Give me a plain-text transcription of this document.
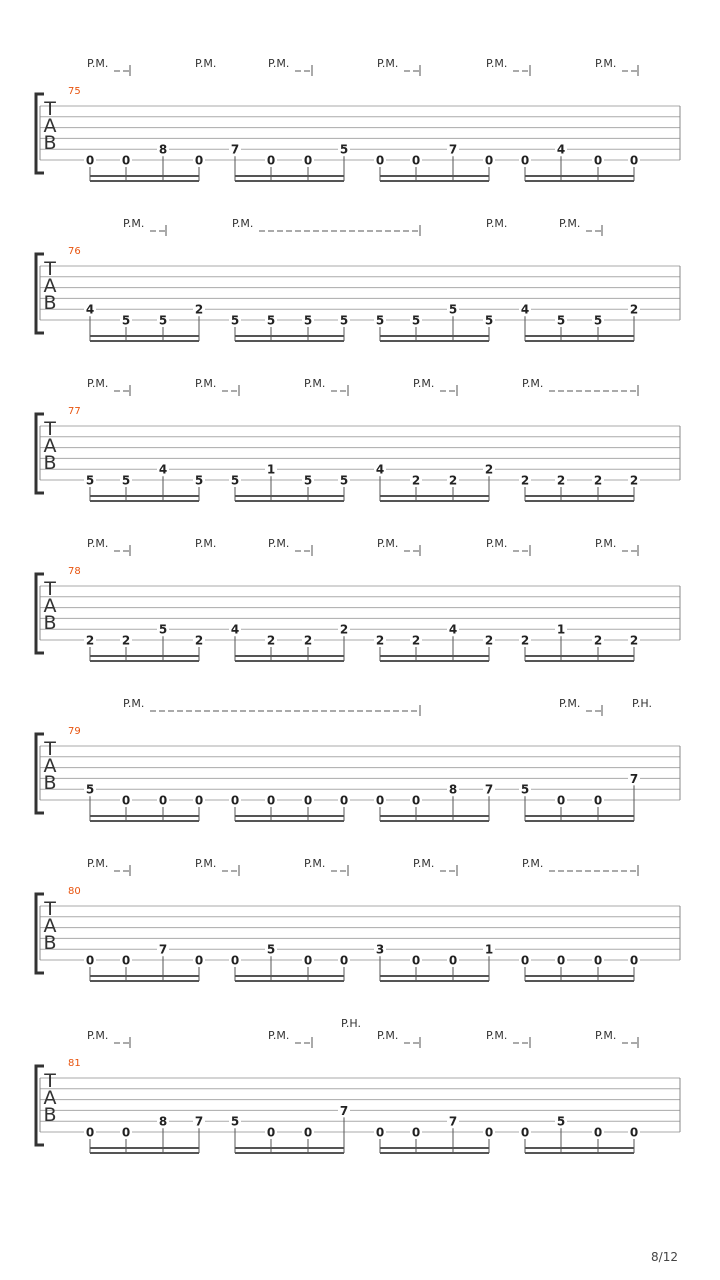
75
P.M.	P.M.	P.M.	P.M.	P.M.	P.M.
T
A
B
0 0
8
0
7
0 0
5
0 0
7
0 0
4
0 0
76
P.M.	P.M.	P.M.	P.M.
T
A
B 4
5 5
2
5 5 5 5 5 5
5
5
4
5 5
2
77
P.M.	P.M.	P.M.	P.M.	P.M.
T
A
B
5 5
4
5 5
1
5 5
4
2 2
2
2 2 2 2
78
P.M.	P.M.	P.M.	P.M.	P.M.	P.M.
T
A
B
2 2
5
2
4
2 2
2
2 2
4
2 2
1
2 2
79
P.M.	P.M.	P.H.
T
A
B 5
0 0 0 0 0 0 0 0 0
8 7 5
0 0
7
80
P.M.	P.M.	P.M.	P.M.	P.M.
T
A
B
0 0
7
0 0
5
0 0
3
0 0
1
0 0 0 0
81
P.H.
P.M.	P.M.	P.M.	P.M.	P.M.
T
A
B
0 0
8 7 5
0 0
7
0 0
7
0 0
5
0 0
8/12
